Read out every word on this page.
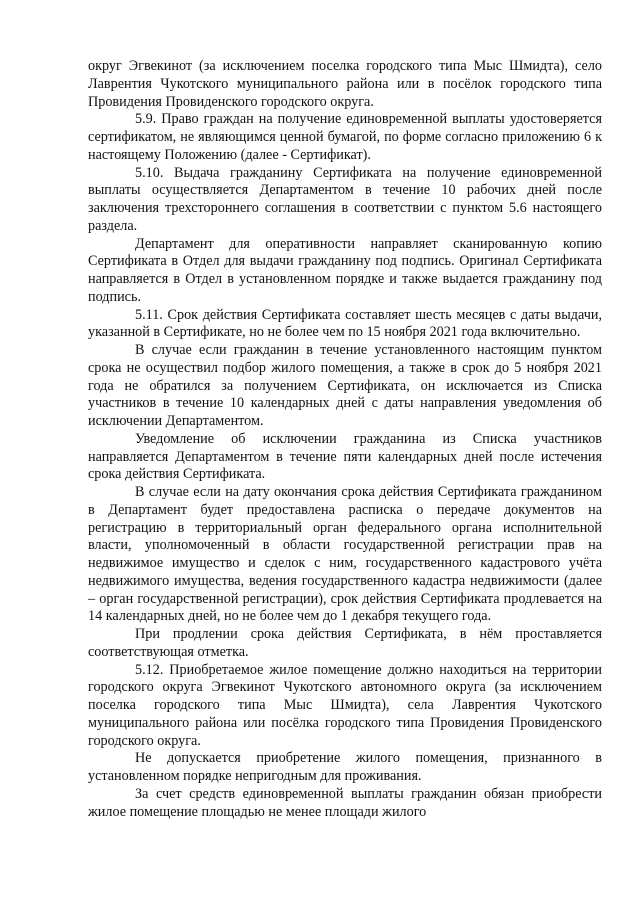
округ Эгвекинот (за исключением поселка городского типа Мыс Шмидта), село Лаврентия Чукотского муниципального района или в посёлок городского типа Провидения Провиденского городского округа.

5.9. Право граждан на получение единовременной выплаты удостоверяется сертификатом, не являющимся ценной бумагой, по форме согласно приложению 6 к настоящему Положению (далее - Сертификат).

5.10. Выдача гражданину Сертификата на получение единовременной выплаты осуществляется Департаментом в течение 10 рабочих дней после заключения трехстороннего соглашения в соответствии с пунктом 5.6 настоящего раздела.

Департамент для оперативности направляет сканированную копию Сертификата в Отдел для выдачи гражданину под подпись. Оригинал Сертификата направляется в Отдел в установленном порядке и также выдается гражданину под подпись.

5.11. Срок действия Сертификата составляет шесть месяцев с даты выдачи, указанной в Сертификате, но не более чем по 15 ноября 2021 года включительно.

В случае если гражданин в течение установленного настоящим пунктом срока не осуществил подбор жилого помещения, а также в срок до 5 ноября 2021 года не обратился за получением Сертификата, он исключается из Списка участников в течение 10 календарных дней с даты направления уведомления об исключении Департаментом.

Уведомление об исключении гражданина из Списка участников направляется Департаментом в течение пяти календарных дней после истечения срока действия Сертификата.

В случае если на дату окончания срока действия Сертификата гражданином в Департамент будет предоставлена расписка о передаче документов на регистрацию в территориальный орган федерального органа исполнительной власти, уполномоченный в области государственной регистрации прав на недвижимое имущество и сделок с ним, государственного кадастрового учёта недвижимого имущества, ведения государственного кадастра недвижимости (далее – орган государственной регистрации), срок действия Сертификата продлевается на 14 календарных дней, но не более чем до 1 декабря текущего года.

При продлении срока действия Сертификата, в нём проставляется соответствующая отметка.

5.12. Приобретаемое жилое помещение должно находиться на территории городского округа Эгвекинот Чукотского автономного округа (за исключением поселка городского типа Мыс Шмидта), села Лаврентия Чукотского муниципального района или посёлка городского типа Провидения Провиденского городского округа.

Не допускается приобретение жилого помещения, признанного в установленном порядке непригодным для проживания.

За счет средств единовременной выплаты гражданин обязан приобрести жилое помещение площадью не менее площади жилого
